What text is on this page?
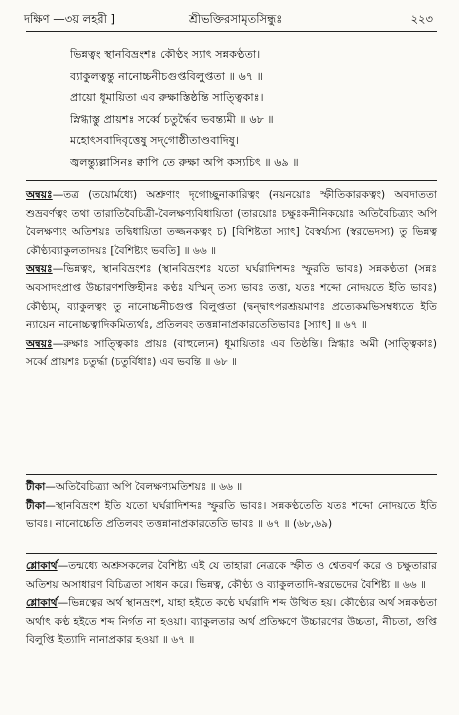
দক্ষিণ —৩য় লহরী ]	শ্রীভক্তিরসামৃতসিন্ধুঃ	২২৩
ভিন্নত্বং স্থানবিভ্রংশঃ কৌণ্ঠং স্যাৎ সন্নকণ্ঠতা।
ব্যাকুলত্বন্তু নানোচ্চনীচগুপ্তবিলুপ্ততা ॥ ৬৭ ॥
প্রায়ো ধূমায়িতা এব রুক্ষাস্তিষ্ঠন্তি সাত্ত্বিকাঃ।
স্নিগ্ধাস্তু প্রায়শঃ সর্ব্বে চতুর্দ্ধৈব ভবন্ত্যমী ॥ ৬৮ ॥
মহোৎসবাদিবৃত্তেষু সদ্‌গোষ্ঠীতাণ্ডবাদিষু।
জ্বলন্ত্যুল্লাসিনঃ ক্বাপি তে রুক্ষা অপি কস্যচিৎ ॥ ৬৯ ॥

অন্বয়ঃ—তত্র (তয়োর্মধ্যে) অশ্রুণাং দৃগোচ্ছুনাকারিত্বং (নয়নয়োঃ স্ফীতিকারকত্বং) অবদাততা শুভ্রবর্ণত্বং তথা তারাতিবৈচিত্রী-বৈলক্ষণ্যবিধায়িতা (তারয়োঃ চক্ষুঃকনীনিকয়োঃ অতিবৈচিত্র্যং অপি বৈলক্ষণ্যং অতিশয়ঃ তদ্বিধায়িতা তজ্জনকত্বং চ) [বিশিষ্টতা স্যাৎ] বৈস্বর্য্যস্য (স্বরভেদস্য) তু ভিন্নত্ব কৌণ্ঠ্যব্যাকুলতাদয়ঃ [বৈশিষ্ট্যং ভবতি] ॥ ৬৬ ॥

অন্বয়ঃ—ভিন্নত্বং, স্থানবিভ্রংশঃ (স্থানবিভ্রংশঃ যতো ঘর্ঘরাদিশব্দঃ স্ফুরতি ভাবঃ) সন্নকণ্ঠতা (সন্নঃ অবসাদংপ্রাপ্ত উচ্চারণশক্তিহীনঃ কণ্ঠঃ যস্মিন্‌ তস্য ভাবঃ তত্তা, যতঃ শব্দো নোদয়তে ইতি ভাবঃ) কৌণ্ঠ্যম্‌, ব্যাকুলত্বং তু নানোচ্চনীচগুপ্ত বিলুপ্ততা (দ্বন্দ্বাৎপরশ্রূয়মাণঃ প্রত্যেকমভিসম্বধ্যতে ইতি ন্যায়েন নানোচ্চত্বাদিকমিত্যর্থঃ, প্রতিলবং তত্তন্নানাপ্রকারতেতিভাবঃ [স্যাৎ] ॥ ৬৭ ॥

অন্বয়ঃ—রুক্ষাঃ সাত্ত্বিকাঃ প্রায়ঃ (বাহুল্যেন) ধূমায়িতাঃ এব তিষ্ঠন্তি। স্নিগ্ধাঃ অমী (সাত্ত্বিকাঃ) সর্ব্বে প্রায়শঃ চতুর্দ্ধা (চতুর্বিধাঃ) এব ভবন্তি ॥ ৬৮ ॥

টীকা—অতিবৈচিত্র্যা অপি বৈলক্ষণ্যমতিশয়ঃ ॥ ৬৬ ॥

টীকা—স্থানবিভ্রংশ ইতি যতো ঘর্ঘরাদিশব্দঃ স্ফুরতি ভাবঃ। সন্নকণ্ঠতেতি যতঃ শব্দো নোদয়তে ইতি ভাবঃ। নানোচ্চেতি প্রতিলবং তত্তন্নানাপ্রকারতেতি ভাবঃ ॥ ৬৭ ॥ (৬৮,৬৯)

শ্লোকার্থ—তন্মধ্যে অশ্রুসকলের বৈশিষ্ট্য এই যে তাহারা নেত্রকে স্ফীত ও শ্বেতবর্ণ করে ও চক্ষুতারার অতিশয় অসাধারণ বিচিত্রতা সাধন করে। ভিন্নত্ব, কৌণ্ঠ্য ও ব্যাকুলতাদি-স্বরভেদের বৈশিষ্ট্য ॥ ৬৬ ॥

শ্লোকার্থ—ভিন্নত্বের অর্থ স্থানভ্রংশ, যাহা হইতে কণ্ঠে ঘর্ঘরাদি শব্দ উত্থিত হয়। কৌণ্ঠ্যের অর্থ সন্নকণ্ঠতা অর্থাৎ কণ্ঠ হইতে শব্দ নির্গত না হওয়া। ব্যাকুলতার অর্থ প্রতিক্ষণে উচ্চারণের উচ্চতা, নীচতা, গুপ্তি বিলুপ্তি ইত্যাদি নানাপ্রকার হওয়া ॥ ৬৭ ॥
